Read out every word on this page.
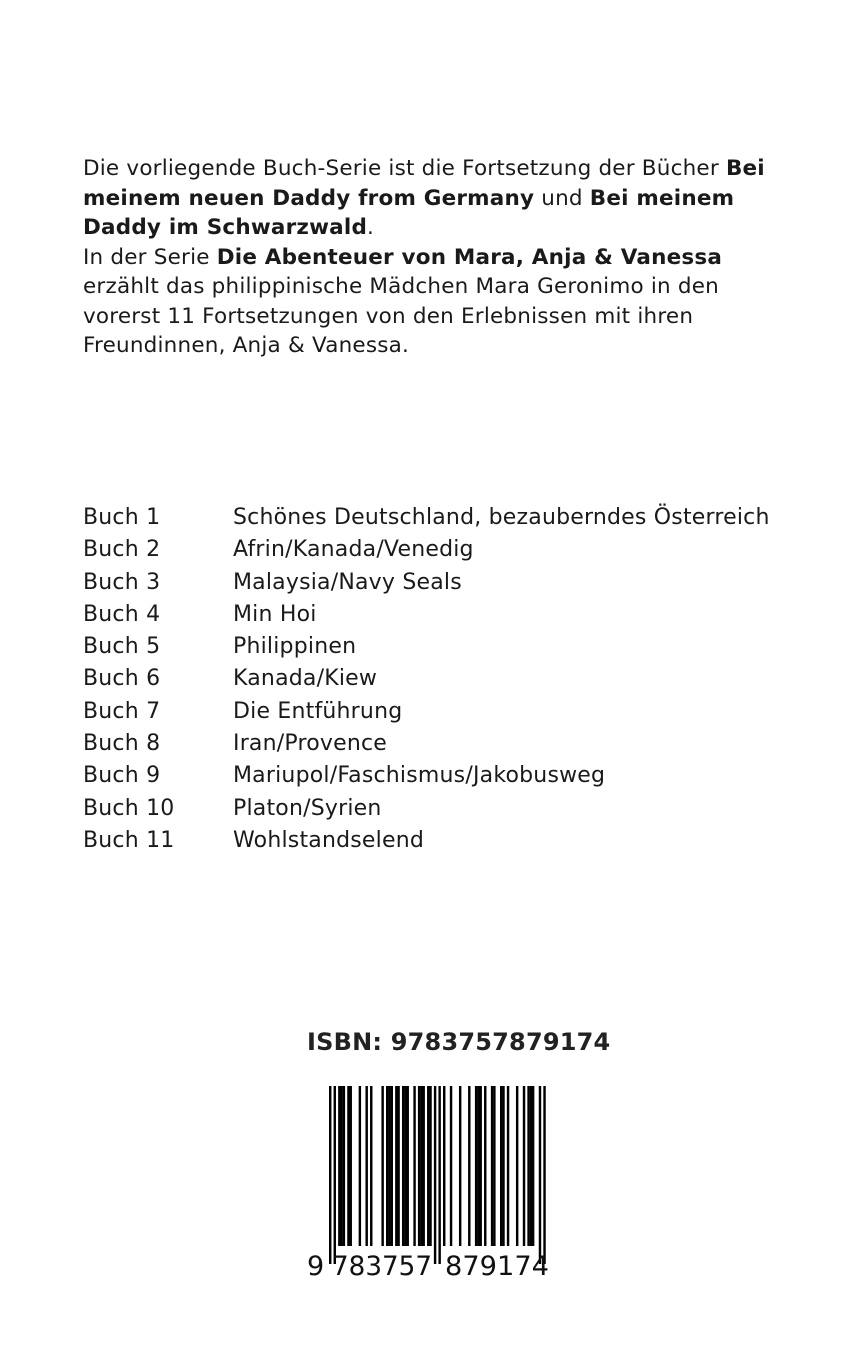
Die vorliegende Buch-Serie ist die Fortsetzung der Bücher Bei meinem neuen Daddy from Germany und Bei meinem Daddy im Schwarzwald.
In der Serie Die Abenteuer von Mara, Anja & Vanessa erzählt das philippinische Mädchen Mara Geronimo in den vorerst 11 Fortsetzungen von den Erlebnissen mit ihren Freundinnen, Anja & Vanessa.

Buch 1	Schönes Deutschland, bezauberndes Österreich
Buch 2	Afrin/Kanada/Venedig
Buch 3	Malaysia/Navy Seals
Buch 4	Min Hoi
Buch 5	Philippinen
Buch 6	Kanada/Kiew
Buch 7	Die Entführung
Buch 8	Iran/Provence
Buch 9	Mariupol/Faschismus/Jakobusweg
Buch 10	Platon/Syrien
Buch 11	Wohlstandselend
ISBN: 9783757879174
9 783757 879174
